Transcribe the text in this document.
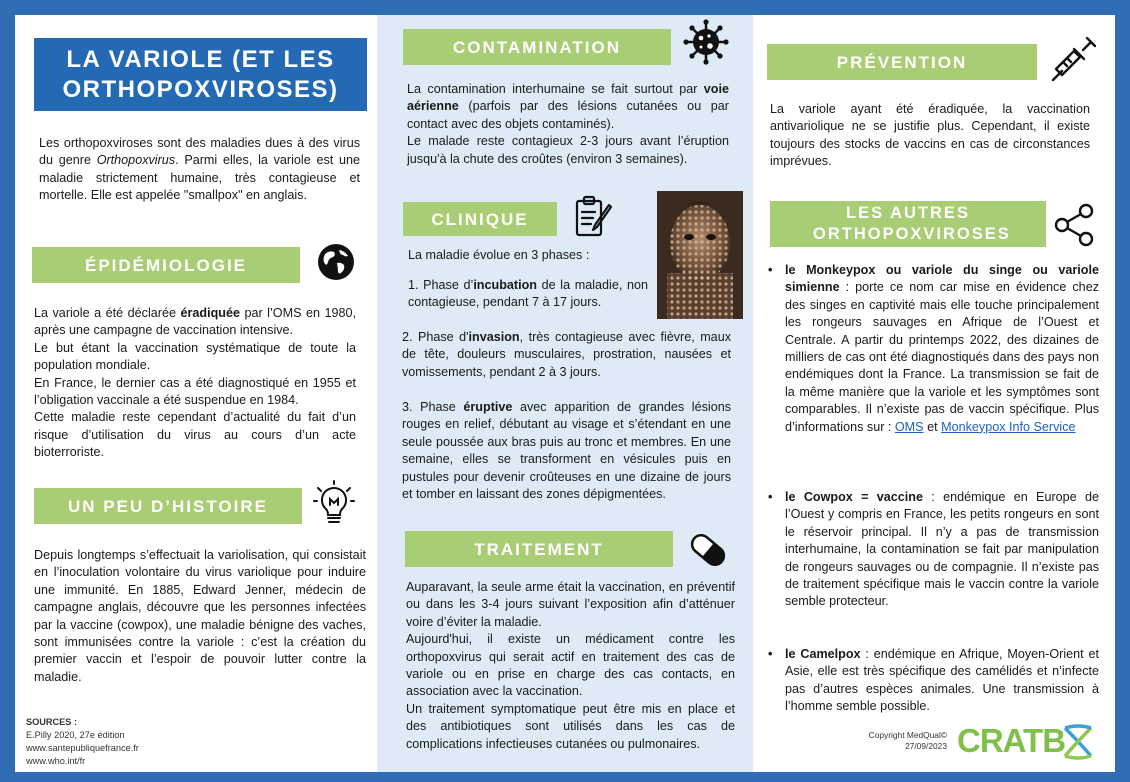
LA VARIOLE (ET LES ORTHOPOXVIROSES)

Les orthopoxviroses sont des maladies dues à des virus du genre Orthopoxvirus. Parmi elles, la variole est une maladie strictement humaine, très contagieuse et mortelle. Elle est appelée "smallpox" en anglais.

ÉPIDÉMIOLOGIE

La variole a été déclarée éradiquée par l’OMS en 1980, après une campagne de vaccination intensive.

Le but étant la vaccination systématique de toute la population mondiale.

En France, le dernier cas a été diagnostiqué en 1955 et l’obligation vaccinale a été suspendue en 1984.

Cette maladie reste cependant d’actualité du fait d’un risque d’utilisation du virus au cours d’un acte bioterroriste.

UN PEU D’HISTOIRE
Depuis longtemps s’effectuait la variolisation, qui consistait en l’inoculation volontaire du virus variolique pour induire une immunité. En 1885, Edward Jenner, médecin de campagne anglais, découvre que les personnes infectées par la vaccine (cowpox), une maladie bénigne des vaches, sont immunisées contre la variole : c’est la création du premier vaccin et l’espoir de pouvoir lutter contre la maladie.
SOURCES :
E.Pilly 2020, 27e édition
www.santepubliquefrance.fr
www.who.int/fr
CONTAMINATION

La contamination interhumaine se fait surtout par voie aérienne (parfois par des lésions cutanées ou par contact avec des objets contaminés).

Le malade reste contagieux 2-3 jours avant l’éruption jusqu'à la chute des croûtes (environ 3 semaines).

CLINIQUE
La maladie évolue en 3 phases :

1. Phase d’incubation de la maladie, non contagieuse, pendant 7 à 17 jours.

2. Phase d'invasion, très contagieuse avec fièvre, maux de tête, douleurs musculaires, prostration, nausées et vomissements, pendant 2 à 3 jours.

3. Phase éruptive avec apparition de grandes lésions rouges en relief, débutant au visage et s’étendant en une seule poussée aux bras puis au tronc et membres. En une semaine, elles se transforment en vésicules puis en pustules pour devenir croûteuses en une dizaine de jours et tomber en laissant des zones dépigmentées.

TRAITEMENT

Auparavant, la seule arme était la vaccination, en préventif ou dans les 3-4 jours suivant l’exposition afin d’atténuer voire d’éviter la maladie.

Aujourd'hui, il existe un médicament contre les orthopoxvirus qui serait actif en traitement des cas de variole ou en prise en charge des cas contacts, en association avec la vaccination.

Un traitement symptomatique peut être mis en place et des antibiotiques sont utilisés dans les cas de complications infectieuses cutanées ou pulmonaires.

PRÉVENTION
La variole ayant été éradiquée, la vaccination antivariolique ne se justifie plus. Cependant, il existe toujours des stocks de vaccins en cas de circonstances imprévues.
LES AUTRES ORTHOPOXVIROSES
• le Monkeypox ou variole du singe ou variole simienne : porte ce nom car mise en évidence chez des singes en captivité mais elle touche principalement les rongeurs sauvages en Afrique de l’Ouest et Centrale. A partir du printemps 2022, des dizaines de milliers de cas ont été diagnostiqués dans des pays non endémiques dont la France. La transmission se fait de la même manière que la variole et les symptômes sont comparables. Il n’existe pas de vaccin spécifique. Plus d’informations sur : OMS et Monkeypox Info Service
• le Cowpox = vaccine : endémique en Europe de l’Ouest y compris en France, les petits rongeurs en sont le réservoir principal. Il n’y a pas de transmission interhumaine, la contamination se fait par manipulation de rongeurs sauvages ou de compagnie. Il n’existe pas de traitement spécifique mais le vaccin contre la variole semble protecteur.
• le Camelpox : endémique en Afrique, Moyen-Orient et Asie, elle est très spécifique des camélidés et n’infecte pas d’autres espèces animales. Une transmission à l’homme semble possible.
Copyright MedQual©
27/09/2023 CRATB
